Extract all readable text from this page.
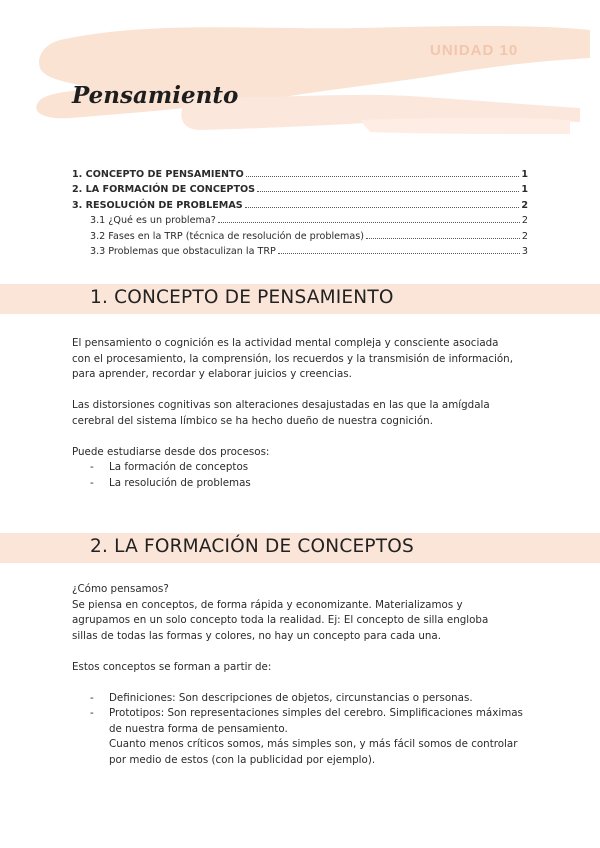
UNIDAD 10
Pensamiento
1. CONCEPTO DE PENSAMIENTO	1
2. LA FORMACIÓN DE CONCEPTOS	1
3. RESOLUCIÓN DE PROBLEMAS	2
3.1 ¿Qué es un problema?	2
3.2 Fases en la TRP (técnica de resolución de problemas)	2
3.3 Problemas que obstaculizan la TRP	3
1. CONCEPTO DE PENSAMIENTO

El pensamiento o cognición es la actividad mental compleja y consciente asociada

con el procesamiento, la comprensión, los recuerdos y la transmisión de información,

para aprender, recordar y elaborar juicios y creencias.

Las distorsiones cognitivas son alteraciones desajustadas en las que la amígdala

cerebral del sistema límbico se ha hecho dueño de nuestra cognición.

Puede estudiarse desde dos procesos:

- La formación de conceptos
- La resolución de problemas
2. LA FORMACIÓN DE CONCEPTOS

¿Cómo pensamos?

Se piensa en conceptos, de forma rápida y economizante. Materializamos y

agrupamos en un solo concepto toda la realidad. Ej: El concepto de silla engloba

sillas de todas las formas y colores, no hay un concepto para cada una.

Estos conceptos se forman a partir de:

- Definiciones: Son descripciones de objetos, circunstancias o personas.
- Prototipos: Son representaciones simples del cerebro. Simplificaciones máximas
de nuestra forma de pensamiento.
Cuanto menos críticos somos, más simples son, y más fácil somos de controlar
por medio de estos (con la publicidad por ejemplo).
